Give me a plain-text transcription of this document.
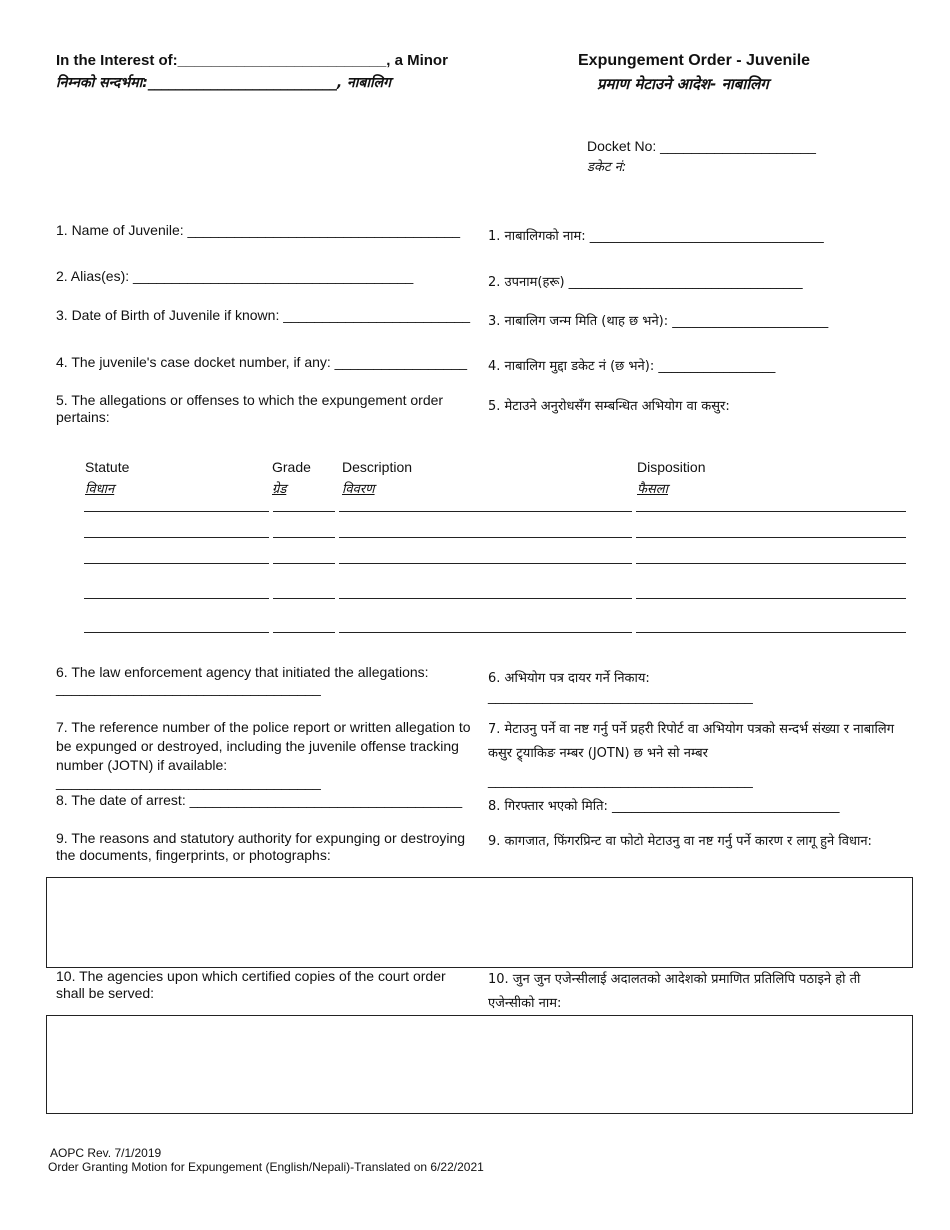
In the Interest of:_________________________, a Minor
निम्नको सन्दर्भमा:___________________________, नाबालिग
Expungement Order - Juvenile
प्रमाण मेटाउने आदेश- नाबालिग
Docket No: ____________________
डकेट नं:
1. Name of Juvenile: ___________________________________ 1. नाबालिगको नाम: ____________________________________
2. Alias(es): ____________________________________	2. उपनाम(हरू) ____________________________________
3. Date of Birth of Juvenile if known: ________________________ 3. नाबालिग जन्म मिति (थाह छ भने): ________________________
4. The juvenile's case docket number, if any: _________________ 4. नाबालिग मुद्दा डकेट नं (छ भने): __________________
5. The allegations or offenses to which the expungement order pertains:
5. मेटाउने अनुरोधसँग सम्बन्धित अभियोग वा कसुर:
Statute
विधान
Grade
ग्रेड
Description
विवरण
Disposition
फैसला
6. The law enforcement agency that initiated the allegations:
__________________________________
6. अभियोग पत्र दायर गर्ने निकाय:
__________________________________
7. The reference number of the police report or written allegation to be expunged or destroyed, including the juvenile offense tracking number (JOTN) if available:
__________________________________
7. मेटाउनु पर्ने वा नष्ट गर्नु पर्ने प्रहरी रिपोर्ट वा अभियोग पत्रको सन्दर्भ संख्या र नाबालिग कसुर ट्र्याकिङ नम्बर (JOTN) छ भने सो नम्बर
__________________________________
8. The date of arrest: ___________________________________ 8. गिरफ्तार भएको मिति: ___________________________________
9. The reasons and statutory authority for expunging or destroying the documents, fingerprints, or photographs:
9. कागजात, फिंगरप्रिन्ट वा फोटो मेटाउनु वा नष्ट गर्नु पर्ने कारण र लागू हुने विधान:
10. The agencies upon which certified copies of the court order shall be served:
10. जुन जुन एजेन्सीलाई अदालतको आदेशको प्रमाणित प्रतिलिपि पठाइने हो ती एजेन्सीको नाम:
AOPC Rev. 7/1/2019
Order Granting Motion for Expungement (English/Nepali)-Translated on 6/22/2021
